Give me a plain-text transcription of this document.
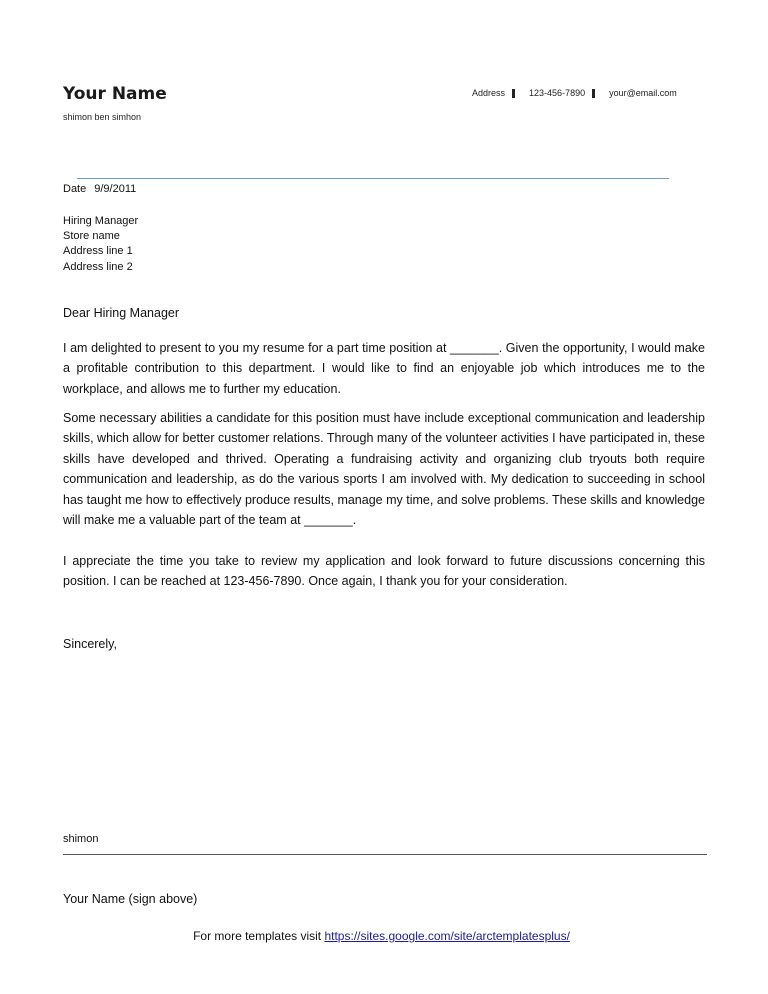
Your Name
shimon ben simhon
Address	123-456-7890	your@email.com
Date 9/9/2011
Hiring Manager
Store name
Address line 1
Address line 2
Dear Hiring Manager
I am delighted to present to you my resume for a part time position at _______. Given the opportunity, I would make a profitable contribution to this department. I would like to find an enjoyable job which introduces me to the workplace, and allows me to further my education.
Some necessary abilities a candidate for this position must have include exceptional communication and leadership skills, which allow for better customer relations. Through many of the volunteer activities I have participated in, these skills have developed and thrived. Operating a fundraising activity and organizing club tryouts both require communication and leadership, as do the various sports I am involved with. My dedication to succeeding in school has taught me how to effectively produce results, manage my time, and solve problems. These skills and knowledge will make me a valuable part of the team at _______.
I appreciate the time you take to review my application and look forward to future discussions concerning this position. I can be reached at 123-456-7890. Once again, I thank you for your consideration.
Sincerely,
shimon
Your Name (sign above)
For more templates visit https://sites.google.com/site/arctemplatesplus/
